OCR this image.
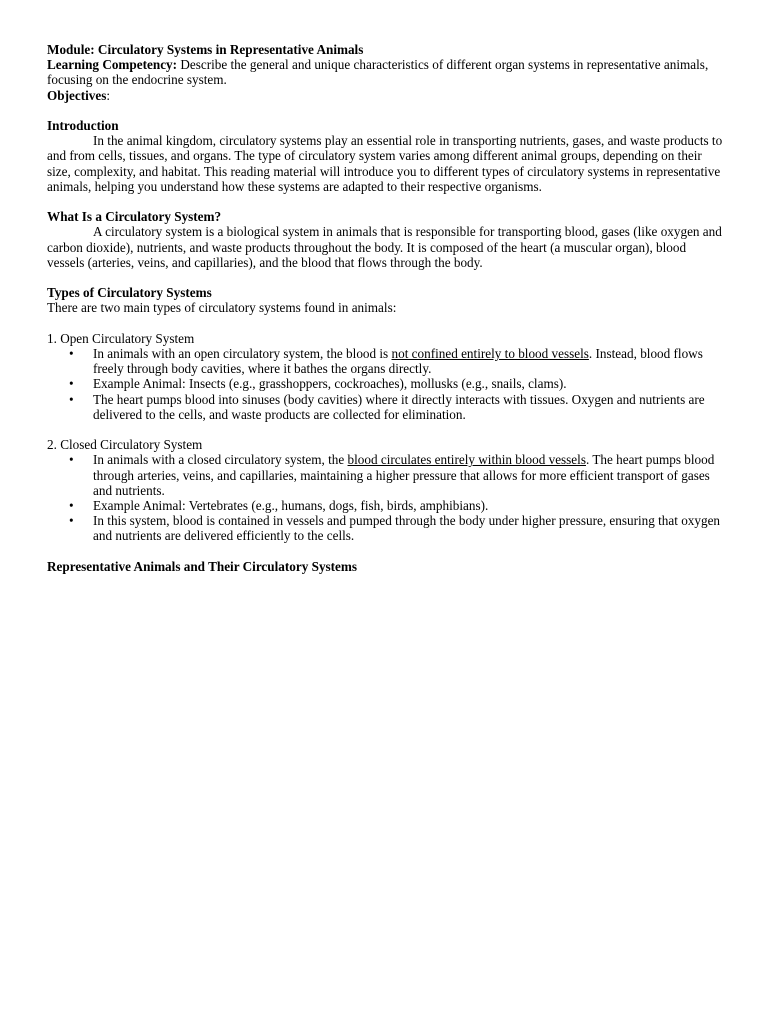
Module: Circulatory Systems in Representative Animals

Learning Competency: Describe the general and unique characteristics of different organ systems in representative animals, focusing on the endocrine system.

Objectives:

Introduction

In the animal kingdom, circulatory systems play an essential role in transporting nutrients, gases, and waste products to and from cells, tissues, and organs. The type of circulatory system varies among different animal groups, depending on their size, complexity, and habitat. This reading material will introduce you to different types of circulatory systems in representative animals, helping you understand how these systems are adapted to their respective organisms.

What Is a Circulatory System?

A circulatory system is a biological system in animals that is responsible for transporting blood, gases (like oxygen and carbon dioxide), nutrients, and waste products throughout the body. It is composed of the heart (a muscular organ), blood vessels (arteries, veins, and capillaries), and the blood that flows through the body.

Types of Circulatory Systems

There are two main types of circulatory systems found in animals:

1. Open Circulatory System

• In animals with an open circulatory system, the blood is not confined entirely to blood vessels. Instead, blood flows freely through body cavities, where it bathes the organs directly.
• Example Animal: Insects (e.g., grasshoppers, cockroaches), mollusks (e.g., snails, clams).
• The heart pumps blood into sinuses (body cavities) where it directly interacts with tissues. Oxygen and nutrients are delivered to the cells, and waste products are collected for elimination.

2. Closed Circulatory System

• In animals with a closed circulatory system, the blood circulates entirely within blood vessels. The heart pumps blood through arteries, veins, and capillaries, maintaining a higher pressure that allows for more efficient transport of gases and nutrients.
• Example Animal: Vertebrates (e.g., humans, dogs, fish, birds, amphibians).
• In this system, blood is contained in vessels and pumped through the body under higher pressure, ensuring that oxygen and nutrients are delivered efficiently to the cells.

Representative Animals and Their Circulatory Systems
